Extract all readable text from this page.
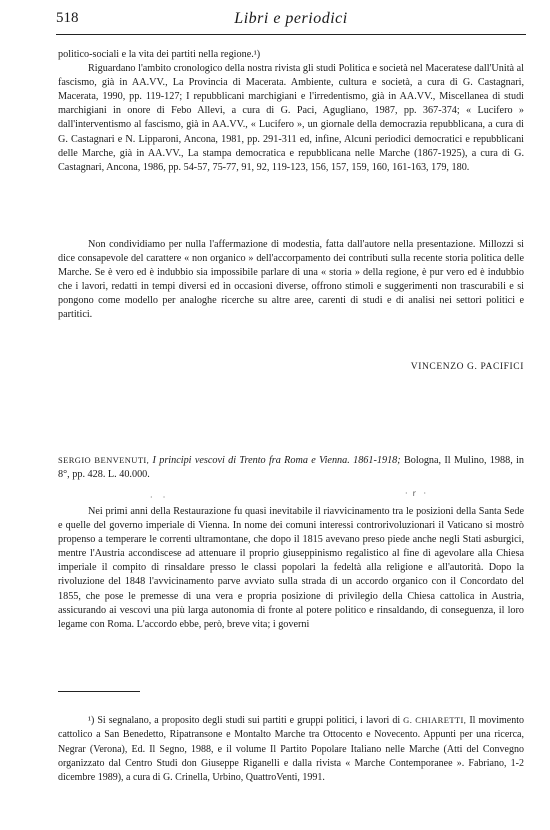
518	Libri e periodici

politico-sociali e la vita dei partiti nella regione.¹)

Riguardano l'ambito cronologico della nostra rivista gli studi Politica e società nel Maceratese dall'Unità al fascismo, già in AA.VV., La Provincia di Macerata. Ambiente, cultura e società, a cura di G. Castagnari, Macerata, 1990, pp. 119-127; I repubblicani marchigiani e l'irredentismo, già in AA.VV., Miscellanea di studi marchigiani in onore di Febo Allevi, a cura di G. Paci, Agugliano, 1987, pp. 367-374; « Lucifero » dall'interventismo al fascismo, già in AA.VV., « Lucifero », un giornale della democrazia repubblicana, a cura di G. Castagnari e N. Lipparoni, Ancona, 1981, pp. 291-311 ed, infine, Alcuni periodici democratici e repubblicani delle Marche, già in AA.VV., La stampa democratica e repubblicana nelle Marche (1867-1925), a cura di G. Castagnari, Ancona, 1986, pp. 54-57, 75-77, 91, 92, 119-123, 156, 157, 159, 160, 161-163, 179, 180.

Non condividiamo per nulla l'affermazione di modestia, fatta dall'autore nella presentazione. Millozzi si dice consapevole del carattere « non organico » dell'accorpamento dei contributi sulla recente storia politica delle Marche. Se è vero ed è indubbio sia impossibile parlare di una « storia » della regione, è pur vero ed è indubbio che i lavori, redatti in tempi diversi ed in occasioni diverse, offrono stimoli e suggerimenti non trascurabili e si pongono come modello per analoghe ricerche su altre aree, carenti di studi e di analisi nei settori politici e partitici.

VINCENZO G. PACIFICI

SERGIO BENVENUTI, I principi vescovi di Trento fra Roma e Vienna. 1861-1918; Bologna, Il Mulino, 1988, in 8°, pp. 428. L. 40.000.

·    ·	·  r   ·

Nei primi anni della Restaurazione fu quasi inevitabile il riavvicinamento tra le posizioni della Santa Sede e quelle del governo imperiale di Vienna. In nome dei comuni interessi controrivoluzionari il Vaticano si mostrò propenso a temperare le correnti ultramontane, che dopo il 1815 avevano preso piede anche negli Stati asburgici, mentre l'Austria accondiscese ad attenuare il proprio giuseppinismo regalistico al fine di agevolare alla Chiesa imperiale il compito di rinsaldare presso le classi popolari la fedeltà alla religione e all'autorità. Dopo la rivoluzione del 1848 l'avvicinamento parve avviato sulla strada di un accordo organico con il Concordato del 1855, che pose le premesse di una vera e propria posizione di privilegio della Chiesa cattolica in Austria, assicurando ai vescovi una più larga autonomia di fronte al potere politico e rinsaldando, di conseguenza, il loro legame con Roma. L'accordo ebbe, però, breve vita; i governi

¹) Si segnalano, a proposito degli studi sui partiti e gruppi politici, i lavori di G. CHIARETTI, Il movimento cattolico a San Benedetto, Ripatransone e Montalto Marche tra Ottocento e Novecento. Appunti per una ricerca, Negrar (Verona), Ed. Il Segno, 1988, e il volume Il Partito Popolare Italiano nelle Marche (Atti del Convegno organizzato dal Centro Studi don Giuseppe Riganelli e dalla rivista « Marche Contemporanee ». Fabriano, 1-2 dicembre 1989), a cura di G. Crinella, Urbino, QuattroVenti, 1991.
